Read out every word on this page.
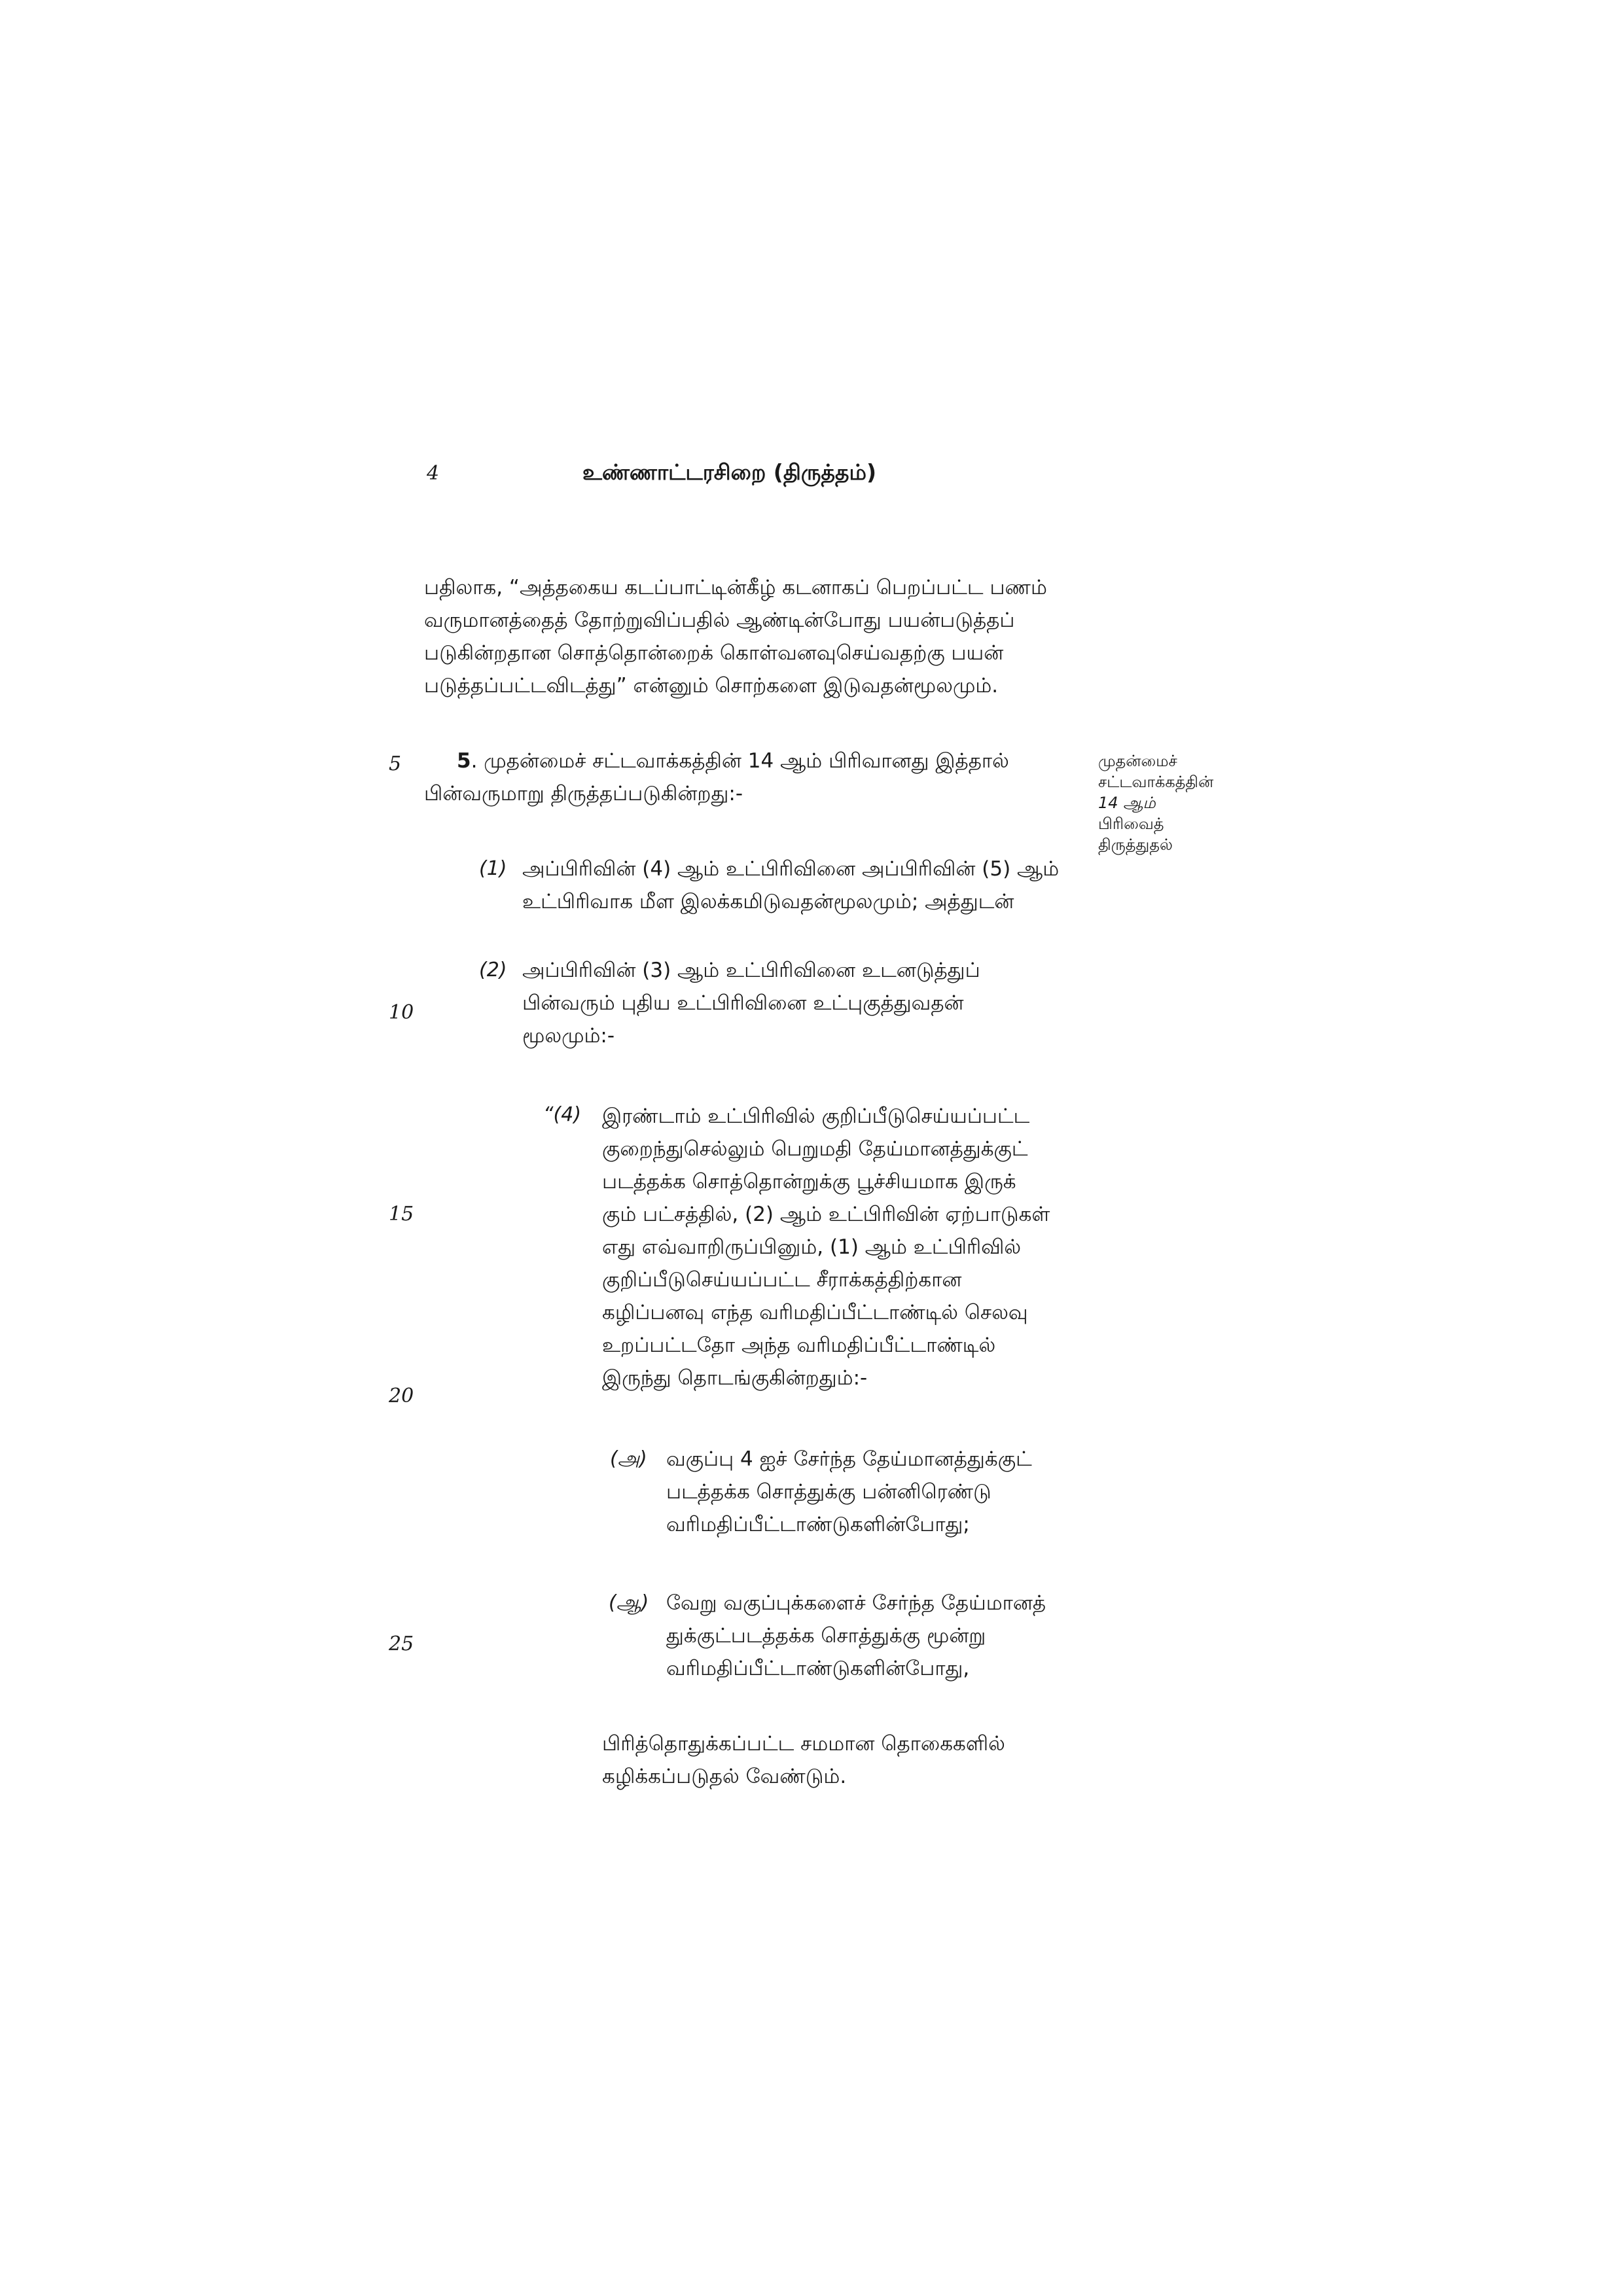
4	உண்ணாட்டரசிறை (திருத்தம்)
5
10
15
20
25
பதிலாக, “அத்தகைய கடப்பாட்டின்கீழ் கடனாகப் பெறப்பட்ட பணம்
வருமானத்தைத் தோற்றுவிப்பதில் ஆண்டின்போது பயன்படுத்தப்
படுகின்றதான சொத்தொன்றைக் கொள்வனவுசெய்வதற்கு பயன்
படுத்தப்பட்டவிடத்து” என்னும் சொற்களை இடுவதன்மூலமும்.
5. முதன்மைச் சட்டவாக்கத்தின் 14 ஆம் பிரிவானது இத்தால்
பின்வருமாறு திருத்தப்படுகின்றது:-
முதன்மைச்
சட்டவாக்கத்தின்
14 ஆம்
பிரிவைத்
திருத்துதல்
(1) அப்பிரிவின் (4) ஆம் உட்பிரிவினை அப்பிரிவின் (5) ஆம்
உட்பிரிவாக மீள இலக்கமிடுவதன்மூலமும்; அத்துடன்
(2) அப்பிரிவின் (3) ஆம் உட்பிரிவினை உடனடுத்துப்
பின்வரும் புதிய உட்பிரிவினை உட்புகுத்துவதன்
மூலமும்:-
“(4) இரண்டாம் உட்பிரிவில் குறிப்பீடுசெய்யப்பட்ட
குறைந்துசெல்லும் பெறுமதி தேய்மானத்துக்குட்
படத்தக்க சொத்தொன்றுக்கு பூச்சியமாக இருக்
கும் பட்சத்தில், (2) ஆம் உட்பிரிவின் ஏற்பாடுகள்
எது எவ்வாறிருப்பினும், (1) ஆம் உட்பிரிவில்
குறிப்பீடுசெய்யப்பட்ட சீராக்கத்திற்கான
கழிப்பனவு எந்த வரிமதிப்பீட்டாண்டில் செலவு
உறப்பட்டதோ அந்த வரிமதிப்பீட்டாண்டில்
இருந்து தொடங்குகின்றதும்:-
(அ) வகுப்பு 4 ஐச் சேர்ந்த தேய்மானத்துக்குட்
படத்தக்க சொத்துக்கு பன்னிரெண்டு
வரிமதிப்பீட்டாண்டுகளின்போது;
(ஆ) வேறு வகுப்புக்களைச் சேர்ந்த தேய்மானத்
துக்குட்படத்தக்க சொத்துக்கு மூன்று
வரிமதிப்பீட்டாண்டுகளின்போது,
பிரித்தொதுக்கப்பட்ட சமமான தொகைகளில்
கழிக்கப்படுதல் வேண்டும்.
